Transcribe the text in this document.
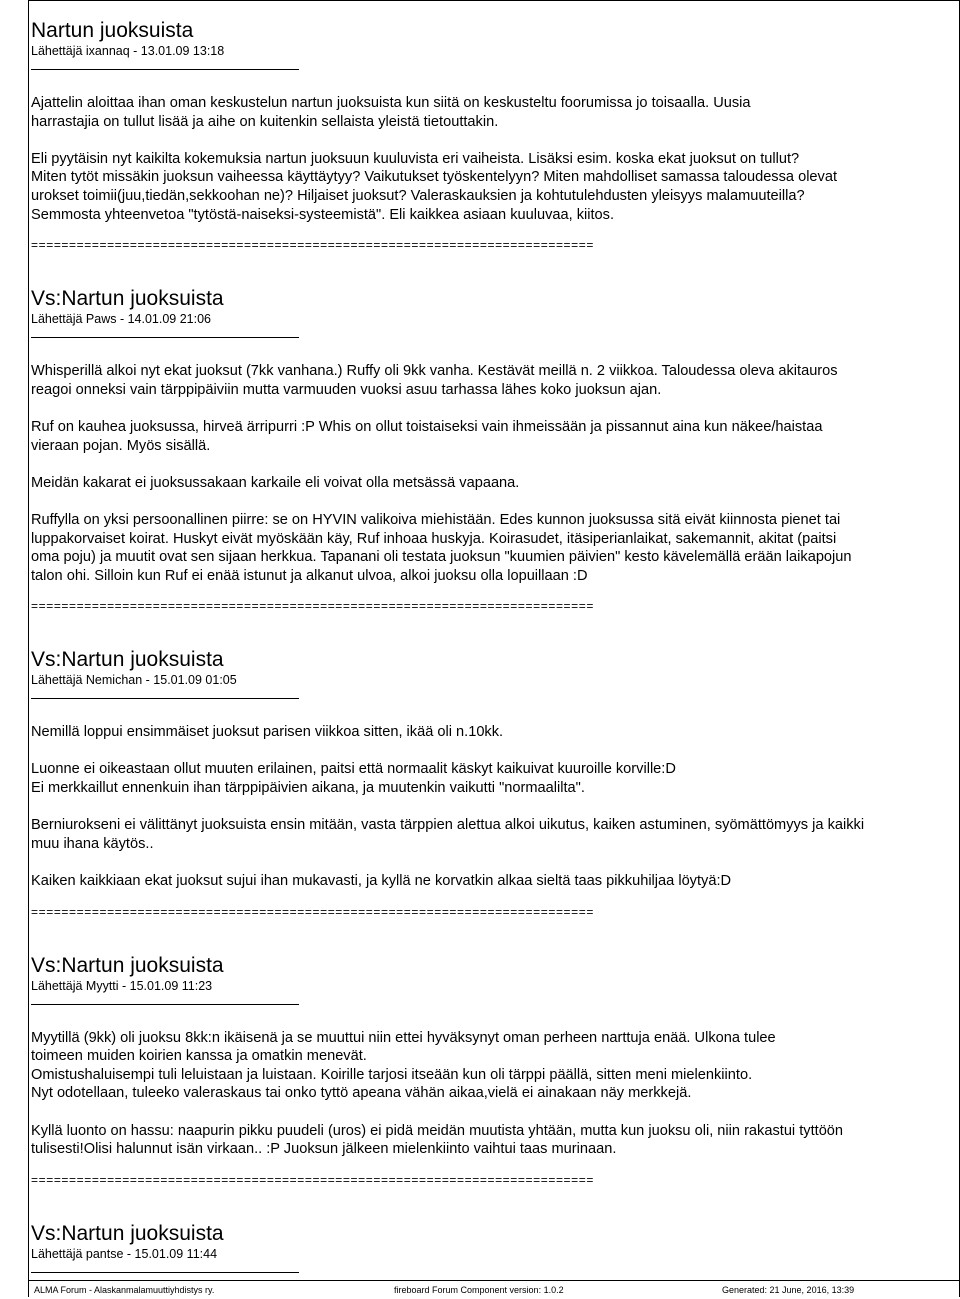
Nartun juoksuista
Lähettäjä ixannaq - 13.01.09 13:18
Ajattelin aloittaa ihan oman keskustelun nartun juoksuista kun siitä on keskusteltu foorumissa jo toisaalla. Uusia
harrastajia on tullut lisää ja aihe on kuitenkin sellaista yleistä tietouttakin.
Eli pyytäisin nyt kaikilta kokemuksia nartun juoksuun kuuluvista eri vaiheista. Lisäksi esim. koska ekat juoksut on tullut?
Miten tytöt missäkin juoksun vaiheessa käyttäytyy? Vaikutukset työskentelyyn? Miten mahdolliset samassa taloudessa olevat
urokset toimii(juu,tiedän,sekkoohan ne)? Hiljaiset juoksut? Valeraskauksien ja kohtutulehdusten yleisyys malamuuteilla?
Semmosta yhteenvetoa "tytöstä-naiseksi-systeemistä". Eli kaikkea asiaan kuuluvaa, kiitos.
==========================================================================
Vs:Nartun juoksuista
Lähettäjä Paws - 14.01.09 21:06
Whisperillä alkoi nyt ekat juoksut (7kk vanhana.) Ruffy oli 9kk vanha. Kestävät meillä n. 2 viikkoa. Taloudessa oleva akitauros
reagoi onneksi vain tärppipäiviin mutta varmuuden vuoksi asuu tarhassa lähes koko juoksun ajan.
Ruf on kauhea juoksussa, hirveä ärripurri :P Whis on ollut toistaiseksi vain ihmeissään ja pissannut aina kun näkee/haistaa
vieraan pojan. Myös sisällä.
Meidän kakarat ei juoksussakaan karkaile eli voivat olla metsässä vapaana.
Ruffylla on yksi persoonallinen piirre: se on HYVIN valikoiva miehistään. Edes kunnon juoksussa sitä eivät kiinnosta pienet tai
luppakorvaiset koirat. Huskyt eivät myöskään käy, Ruf inhoaa huskyja. Koirasudet, itäsiperianlaikat, sakemannit, akitat (paitsi
oma poju) ja muutit ovat sen sijaan herkkua. Tapanani oli testata juoksun "kuumien päivien" kesto kävelemällä erään laikapojun
talon ohi. Silloin kun Ruf ei enää istunut ja alkanut ulvoa, alkoi juoksu olla lopuillaan :D
==========================================================================
Vs:Nartun juoksuista
Lähettäjä Nemichan - 15.01.09 01:05
Nemillä loppui ensimmäiset juoksut parisen viikkoa sitten, ikää oli n.10kk.
Luonne ei oikeastaan ollut muuten erilainen, paitsi että normaalit käskyt kaikuivat kuuroille korville:D
Ei merkkaillut ennenkuin ihan tärppipäivien aikana, ja muutenkin vaikutti "normaalilta".
Berniurokseni ei välittänyt juoksuista ensin mitään, vasta tärppien alettua alkoi uikutus, kaiken astuminen, syömättömyys ja kaikki
muu ihana käytös..
Kaiken kaikkiaan ekat juoksut sujui ihan mukavasti, ja kyllä ne korvatkin alkaa sieltä taas pikkuhiljaa löytyä:D
==========================================================================
Vs:Nartun juoksuista
Lähettäjä Myytti - 15.01.09 11:23
Myytillä (9kk) oli juoksu 8kk:n ikäisenä ja se muuttui niin ettei hyväksynyt oman perheen narttuja enää. Ulkona tulee
toimeen muiden koirien kanssa ja omatkin menevät.
Omistushaluisempi tuli leluistaan ja luistaan. Koirille tarjosi itseään kun oli tärppi päällä, sitten meni mielenkiinto.
Nyt odotellaan, tuleeko valeraskaus tai onko tyttö apeana vähän aikaa,vielä ei ainakaan näy merkkejä.
Kyllä luonto on hassu: naapurin pikku puudeli (uros) ei pidä meidän muutista yhtään, mutta kun juoksu oli, niin rakastui tyttöön
tulisesti!Olisi halunnut isän virkaan.. :P Juoksun jälkeen mielenkiinto vaihtui taas murinaan.
==========================================================================
Vs:Nartun juoksuista
Lähettäjä pantse - 15.01.09 11:44
ALMA Forum - Alaskanmalamuuttiyhdistys ry.	fireboard Forum Component version: 1.0.2	Generated: 21 June, 2016, 13:39
